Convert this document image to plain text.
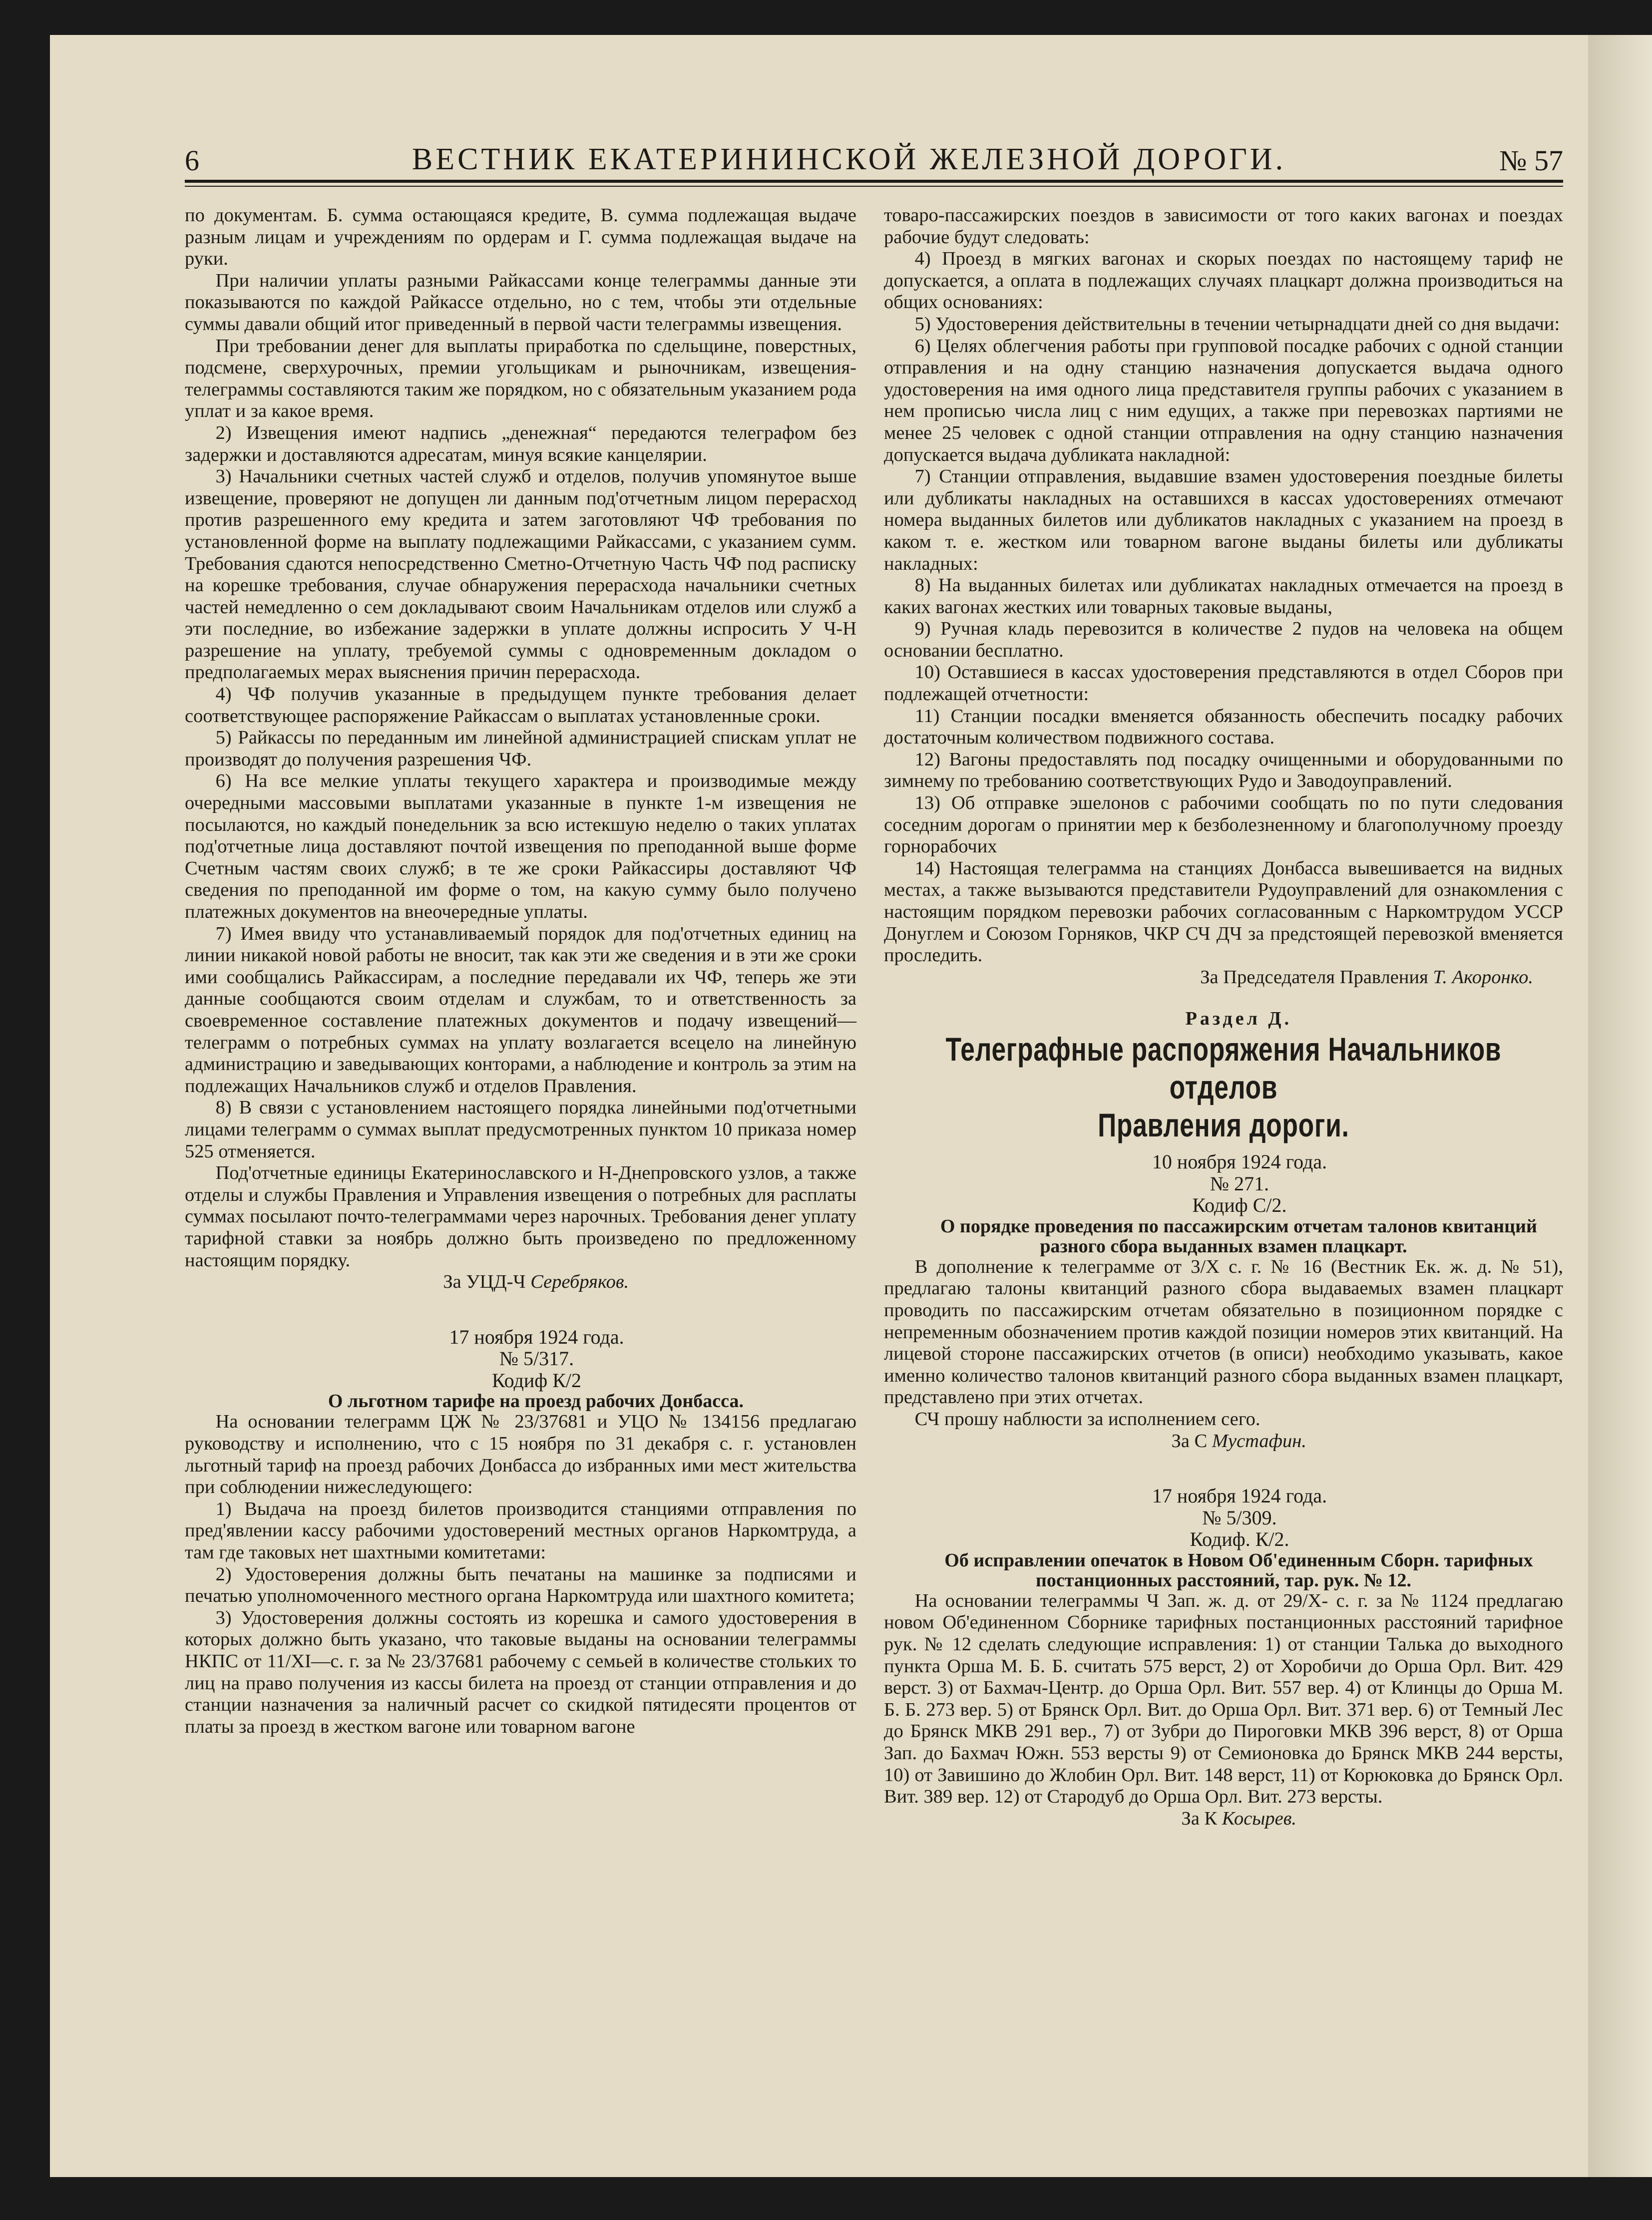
6	ВЕСТНИК ЕКАТЕРИНИНСКОЙ ЖЕЛЕЗНОЙ ДОРОГИ.	№ 57

по документам. Б. сумма остающаяся кредите, В. сумма подлежащая выдаче разным лицам и учреждениям по ордерам и Г. сумма подлежащая выдаче на руки.

При наличии уплаты разными Райкассами конце телеграммы данные эти показываются по каждой Райкассе отдельно, но с тем, чтобы эти отдельные суммы давали общий итог приведенный в первой части телеграммы извещения.

При требовании денег для выплаты приработка по сдельщине, поверстных, подсмене, сверхурочных, премии угольщикам и рыночникам, извещения-телеграммы составляются таким же порядком, но с обязательным указанием рода уплат и за какое время.

2) Извещения имеют надпись „денежная“ передаются телеграфом без задержки и доставляются адресатам, минуя всякие канцелярии.

3) Начальники счетных частей служб и отделов, получив упомянутое выше извещение, проверяют не допущен ли данным под'отчетным лицом перерасход против разрешенного ему кредита и затем заготовляют ЧФ требования по установленной форме на выплату подлежащими Райкассами, с указанием сумм. Требования сдаются непосредственно Сметно-Отчетную Часть ЧФ под расписку на корешке требования, случае обнаружения перерасхода начальники счетных частей немедленно о сем докладывают своим Начальникам отделов или служб а эти последние, во избежание задержки в уплате должны испросить У Ч-Н разрешение на уплату, требуемой суммы с одновременным докладом о предполагаемых мерах выяснения причин перерасхода.

4) ЧФ получив указанные в предыдущем пункте требования делает соответствующее распоряжение Райкассам о выплатах установленные сроки.

5) Райкассы по переданным им линейной администрацией спискам уплат не производят до получения разрешения ЧФ.

6) На все мелкие уплаты текущего характера и производимые между очередными массовыми выплатами указанные в пункте 1-м извещения не посылаются, но каждый понедельник за всю истекшую неделю о таких уплатах под'отчетные лица доставляют почтой извещения по преподанной выше форме Счетным частям своих служб; в те же сроки Райкассиры доставляют ЧФ сведения по преподанной им форме о том, на какую сумму было получено платежных документов на внеочередные уплаты.

7) Имея ввиду что устанавливаемый порядок для под'отчетных единиц на линии никакой новой работы не вносит, так как эти же сведения и в эти же сроки ими сообщались Райкассирам, а последние передавали их ЧФ, теперь же эти данные сообщаются своим отделам и службам, то и ответственность за своевременное составление платежных документов и подачу извещений—телеграмм о потребных суммах на уплату возлагается всецело на линейную администрацию и заведывающих конторами, а наблюдение и контроль за этим на подлежащих Начальников служб и отделов Правления.

8) В связи с установлением настоящего порядка линейными под'отчетными лицами телеграмм о суммах выплат предусмотренных пунктом 10 приказа номер 525 отменяется.

Под'отчетные единицы Екатеринославского и Н-Днепровского узлов, а также отделы и службы Правления и Управления извещения о потребных для расплаты суммах посылают почто-телеграммами через нарочных. Требования денег уплату тарифной ставки за ноябрь должно быть произведено по предложенному настоящим порядку.

За УЦД-Ч Серебряков.

17 ноября 1924 года.

№ 5/317.

Кодиф К/2

О льготном тарифе на проезд рабочих Донбасса.

На основании телеграмм ЦЖ № 23/37681 и УЦО № 134156 предлагаю руководству и исполнению, что с 15 ноября по 31 декабря с. г. установлен льготный тариф на проезд рабочих Донбасса до избранных ими мест жительства при соблюдении нижеследующего:

1) Выдача на проезд билетов производится станциями отправления по пред'явлении кассу рабочими удостоверений местных органов Наркомтруда, а там где таковых нет шахтными комитетами:

2) Удостоверения должны быть печатаны на машинке за подписями и печатью уполномоченного местного органа Наркомтруда или шахтного комитета;

3) Удостоверения должны состоять из корешка и самого удостоверения в которых должно быть указано, что таковые выданы на основании телеграммы НКПС от 11/XI—с. г. за № 23/37681 рабочему с семьей в количестве стольких то лиц на право получения из кассы билета на проезд от станции отправления и до станции назначения за наличный расчет со скидкой пятидесяти процентов от платы за проезд в жестком вагоне или товарном вагоне

товаро-пассажирских поездов в зависимости от того каких вагонах и поездах рабочие будут следовать:

4) Проезд в мягких вагонах и скорых поездах по настоящему тариф не допускается, а оплата в подлежащих случаях плацкарт должна производиться на общих основаниях:

5) Удостоверения действительны в течении четырнадцати дней со дня выдачи:

6) Целях облегчения работы при групповой посадке рабочих с одной станции отправления и на одну станцию назначения допускается выдача одного удостоверения на имя одного лица представителя группы рабочих с указанием в нем прописью числа лиц с ним едущих, а также при перевозках партиями не менее 25 человек с одной станции отправления на одну станцию назначения допускается выдача дубликата накладной:

7) Станции отправления, выдавшие взамен удостоверения поездные билеты или дубликаты накладных на оставшихся в кассах удостоверениях отмечают номера выданных билетов или дубликатов накладных с указанием на проезд в каком т. е. жестком или товарном вагоне выданы билеты или дубликаты накладных:

8) На выданных билетах или дубликатах накладных отмечается на проезд в каких вагонах жестких или товарных таковые выданы,

9) Ручная кладь перевозится в количестве 2 пудов на человека на общем основании бесплатно.

10) Оставшиеся в кассах удостоверения представляются в отдел Сборов при подлежащей отчетности:

11) Станции посадки вменяется обязанность обеспечить посадку рабочих достаточным количеством подвижного состава.

12) Вагоны предоставлять под посадку очищенными и оборудованными по зимнему по требованию соответствующих Рудо и Заводоуправлений.

13) Об отправке эшелонов с рабочими сообщать по по пути следования соседним дорогам о принятии мер к безболезненному и благополучному проезду горнорабочих

14) Настоящая телеграмма на станциях Донбасса вывешивается на видных местах, а также вызываются представители Рудоуправлений для ознакомления с настоящим порядком перевозки рабочих согласованным с Наркомтрудом УССР Донуглем и Союзом Горняков, ЧКР СЧ ДЧ за предстоящей перевозкой вменяется проследить.

За Председателя Правления Т. Акоронко.

Раздел Д.

Телеграфные распоряжения Начальников отделов
Правления дороги.

10 ноября 1924 года.

№ 271.

Кодиф С/2.

О порядке проведения по пассажирским отчетам талонов квитанций разного сбора выданных взамен плацкарт.

В дополнение к телеграмме от 3/X с. г. № 16 (Вестник Ек. ж. д. № 51), предлагаю талоны квитанций разного сбора выдаваемых взамен плацкарт проводить по пассажирским отчетам обязательно в позиционном порядке с непременным обозначением против каждой позиции номеров этих квитанций. На лицевой стороне пассажирских отчетов (в описи) необходимо указывать, какое именно количество талонов квитанций разного сбора выданных взамен плацкарт, представлено при этих отчетах.

СЧ прошу наблюсти за исполнением сего.

За С Мустафин.

17 ноября 1924 года.

№ 5/309.

Кодиф. К/2.

Об исправлении опечаток в Новом Об'единенным Сборн. тарифных постанционных расстояний, тар. рук. № 12.

На основании телеграммы Ч Зап. ж. д. от 29/X- с. г. за № 1124 предлагаю новом Об'единенном Сборнике тарифных постанционных расстояний тарифное рук. № 12 сделать следующие исправления: 1) от станции Талька до выходного пункта Орша М. Б. Б. считать 575 верст, 2) от Хоробичи до Орша Орл. Вит. 429 верст. 3) от Бахмач-Центр. до Орша Орл. Вит. 557 вер. 4) от Клинцы до Орша М. Б. Б. 273 вер. 5) от Брянск Орл. Вит. до Орша Орл. Вит. 371 вер. 6) от Темный Лес до Брянск МКВ 291 вер., 7) от Зубри до Пироговки МКВ 396 верст, 8) от Орша Зап. до Бахмач Южн. 553 версты 9) от Семионовка до Брянск МКВ 244 версты, 10) от Завишино до Жлобин Орл. Вит. 148 верст, 11) от Корюковка до Брянск Орл. Вит. 389 вер. 12) от Стародуб до Орша Орл. Вит. 273 версты.

За К Косырев.
